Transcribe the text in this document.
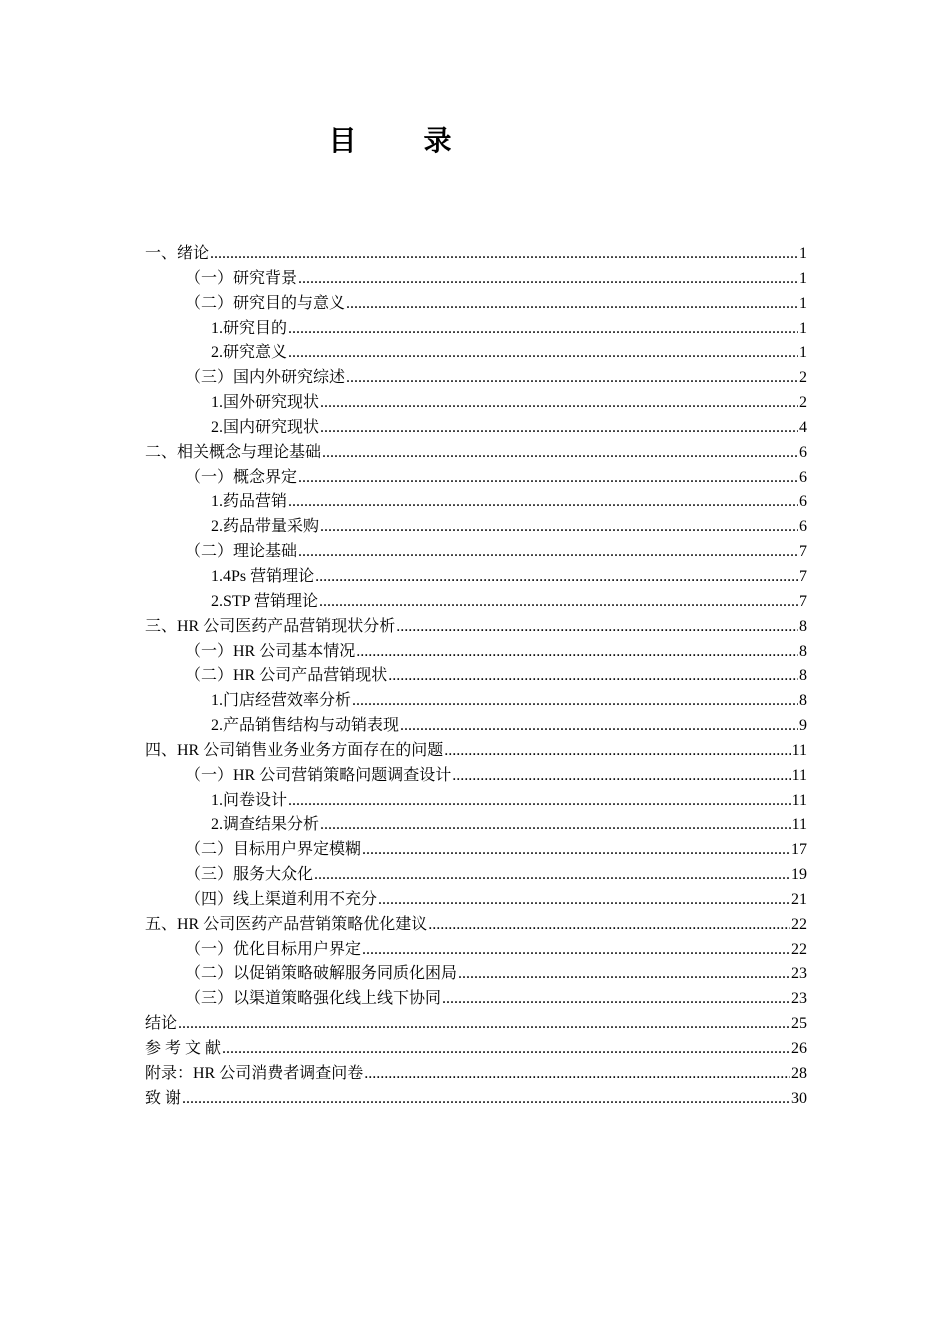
目 录
一、绪论 .....	1
（一）研究背景 .....	1
（二）研究目的与意义 .....	1
1.研究目的 .....	1
2.研究意义 .....	1
（三）国内外研究综述 .....	2
1.国外研究现状 .....	2
2.国内研究现状 .....	4
二、相关概念与理论基础 .....	6
（一）概念界定 .....	6
1.药品营销 .....	6
2.药品带量采购 .....	6
（二）理论基础 .....	7
1.4Ps 营销理论 .....	7
2.STP 营销理论 .....	7
三、HR 公司医药产品营销现状分析 .....	8
（一）HR 公司基本情况 .....	8
（二）HR 公司产品营销现状 .....	8
1.门店经营效率分析 .....	8
2.产品销售结构与动销表现 .....	9
四、HR 公司销售业务业务方面存在的问题 .....	11
（一）HR 公司营销策略问题调查设计 .....	11
1.问卷设计 .....	11
2.调查结果分析 .....	11
（二）目标用户界定模糊 .....	17
（三）服务大众化 .....	19
（四）线上渠道利用不充分 .....	21
五、HR 公司医药产品营销策略优化建议 .....	22
（一）优化目标用户界定 .....	22
（二）以促销策略破解服务同质化困局 .....	23
（三）以渠道策略强化线上线下协同 .....	23
结论 .....	25
参 考 文 献 .....	26
附录：HR 公司消费者调查问卷 .....	28
致 谢 .....	30
